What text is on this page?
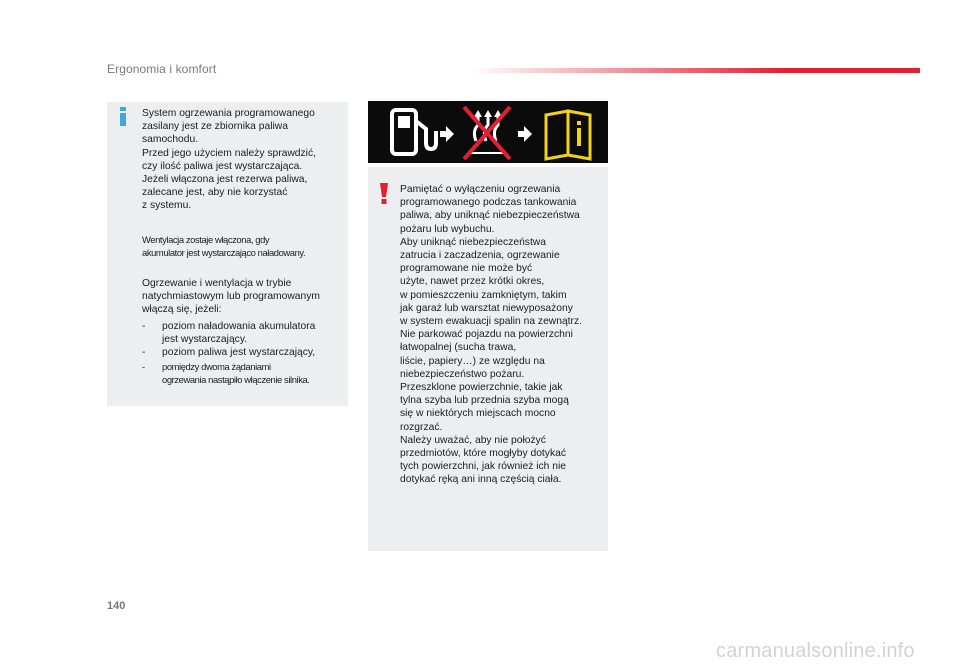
Ergonomia i komfort
System ogrzewania programowanego
zasilany jest ze zbiornika paliwa
samochodu.
Przed jego użyciem należy sprawdzić,
czy ilość paliwa jest wystarczająca.
Jeżeli włączona jest rezerwa paliwa,
zalecane jest, aby nie korzystać
z systemu.
Wentylacja zostaje włączona, gdy
akumulator jest wystarczająco naładowany.
Ogrzewanie i wentylacja w trybie
natychmiastowym lub programowanym
włączą się, jeżeli:
- poziom naładowania akumulatora
jest wystarczający.
- poziom paliwa jest wystarczający,
- pomiędzy dwoma żądaniami
ogrzewania nastąpiło włączenie silnika.
Pamiętać o wyłączeniu ogrzewania
programowanego podczas tankowania
paliwa, aby uniknąć niebezpieczeństwa
pożaru lub wybuchu.
Aby uniknąć niebezpieczeństwa
zatrucia i zaczadzenia, ogrzewanie
programowane nie może być
użyte, nawet przez krótki okres,
w pomieszczeniu zamkniętym, takim
jak garaż lub warsztat niewyposażony
w system ewakuacji spalin na zewnątrz.
Nie parkować pojazdu na powierzchni
łatwopalnej (sucha trawa,
liście, papiery…) ze względu na
niebezpieczeństwo pożaru.
Przeszklone powierzchnie, takie jak
tylna szyba lub przednia szyba mogą
się w niektórych miejscach mocno
rozgrzać.
Należy uważać, aby nie położyć
przedmiotów, które mogłyby dotykać
tych powierzchni, jak również ich nie
dotykać ręką ani inną częścią ciała.
140
carmanualsonline.info
